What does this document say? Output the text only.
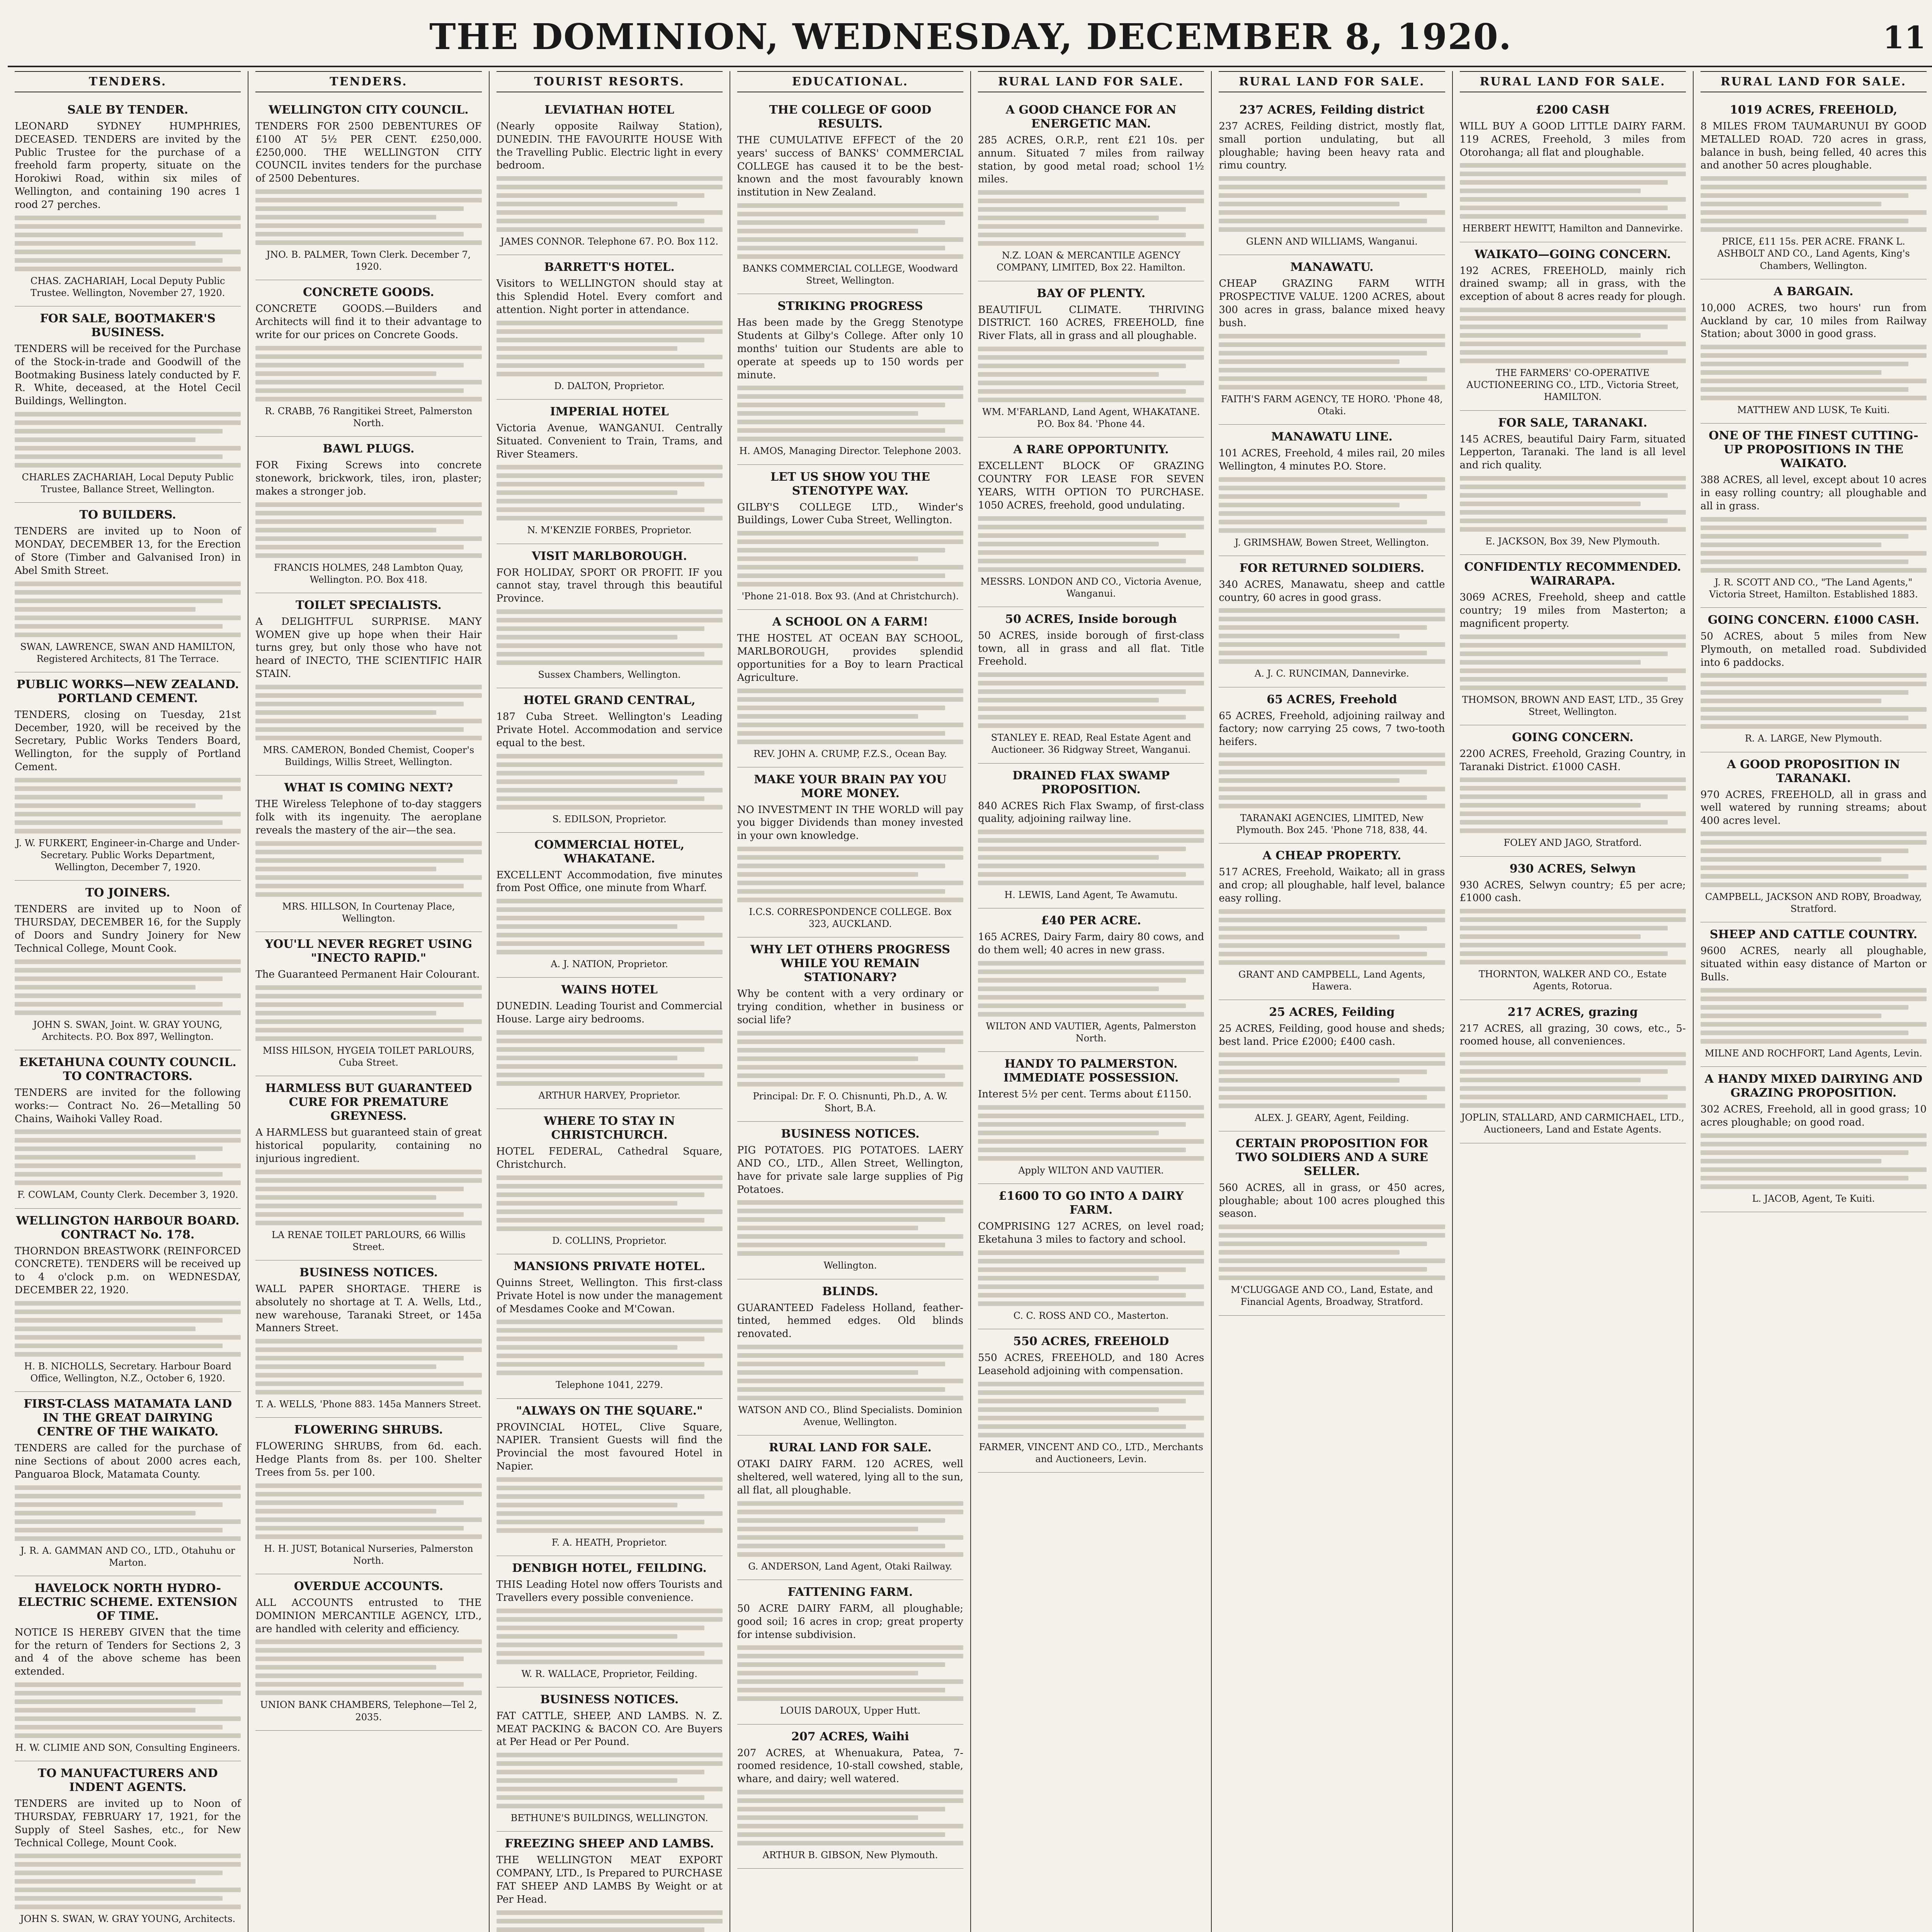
THE DOMINION, WEDNESDAY, DECEMBER 8, 1920.	11
TENDERS.
SALE BY TENDER.

LEONARD SYDNEY HUMPHRIES, DECEASED. TENDERS are invited by the Public Trustee for the purchase of a freehold farm property, situate on the Horokiwi Road, within six miles of Wellington, and containing 190 acres 1 rood 27 perches.

CHAS. ZACHARIAH, Local Deputy Public Trustee. Wellington, November 27, 1920.
FOR SALE, BOOTMAKER'S BUSINESS.

TENDERS will be received for the Purchase of the Stock-in-trade and Goodwill of the Bootmaking Business lately conducted by F. R. White, deceased, at the Hotel Cecil Buildings, Wellington.

CHARLES ZACHARIAH, Local Deputy Public Trustee, Ballance Street, Wellington.
TO BUILDERS.

TENDERS are invited up to Noon of MONDAY, DECEMBER 13, for the Erection of Store (Timber and Galvanised Iron) in Abel Smith Street.

SWAN, LAWRENCE, SWAN AND HAMILTON, Registered Architects, 81 The Terrace.
PUBLIC WORKS—NEW ZEALAND. PORTLAND CEMENT.

TENDERS, closing on Tuesday, 21st December, 1920, will be received by the Secretary, Public Works Tenders Board, Wellington, for the supply of Portland Cement.

J. W. FURKERT, Engineer-in-Charge and Under-Secretary. Public Works Department, Wellington, December 7, 1920.
TO JOINERS.

TENDERS are invited up to Noon of THURSDAY, DECEMBER 16, for the Supply of Doors and Sundry Joinery for New Technical College, Mount Cook.

JOHN S. SWAN, Joint. W. GRAY YOUNG, Architects. P.O. Box 897, Wellington.
EKETAHUNA COUNTY COUNCIL. TO CONTRACTORS.

TENDERS are invited for the following works:— Contract No. 26—Metalling 50 Chains, Waihoki Valley Road.

F. COWLAM, County Clerk. December 3, 1920.
WELLINGTON HARBOUR BOARD. CONTRACT No. 178.

THORNDON BREASTWORK (REINFORCED CONCRETE). TENDERS will be received up to 4 o'clock p.m. on WEDNESDAY, DECEMBER 22, 1920.

H. B. NICHOLLS, Secretary. Harbour Board Office, Wellington, N.Z., October 6, 1920.
FIRST-CLASS MATAMATA LAND IN THE GREAT DAIRYING CENTRE OF THE WAIKATO.

TENDERS are called for the purchase of nine Sections of about 2000 acres each, Panguaroa Block, Matamata County.

J. R. A. GAMMAN AND CO., LTD., Otahuhu or Marton.
HAVELOCK NORTH HYDRO-ELECTRIC SCHEME. EXTENSION OF TIME.

NOTICE IS HEREBY GIVEN that the time for the return of Tenders for Sections 2, 3 and 4 of the above scheme has been extended.

H. W. CLIMIE AND SON, Consulting Engineers.
TO MANUFACTURERS AND INDENT AGENTS.

TENDERS are invited up to Noon of THURSDAY, FEBRUARY 17, 1921, for the Supply of Steel Sashes, etc., for New Technical College, Mount Cook.

JOHN S. SWAN, W. GRAY YOUNG, Architects.

TENDERS.
WELLINGTON CITY COUNCIL.

TENDERS FOR 2500 DEBENTURES OF £100 AT 5½ PER CENT. £250,000. £250,000. THE WELLINGTON CITY COUNCIL invites tenders for the purchase of 2500 Debentures.

JNO. B. PALMER, Town Clerk. December 7, 1920.
CONCRETE GOODS.

CONCRETE GOODS.—Builders and Architects will find it to their advantage to write for our prices on Concrete Goods.

R. CRABB, 76 Rangitikei Street, Palmerston North.
BAWL PLUGS.

FOR Fixing Screws into concrete stonework, brickwork, tiles, iron, plaster; makes a stronger job.

FRANCIS HOLMES, 248 Lambton Quay, Wellington. P.O. Box 418.
TOILET SPECIALISTS.

A DELIGHTFUL SURPRISE. MANY WOMEN give up hope when their Hair turns grey, but only those who have not heard of INECTO, THE SCIENTIFIC HAIR STAIN.

MRS. CAMERON, Bonded Chemist, Cooper's Buildings, Willis Street, Wellington.
WHAT IS COMING NEXT?

THE Wireless Telephone of to-day staggers folk with its ingenuity. The aeroplane reveals the mastery of the air—the sea.

MRS. HILLSON, In Courtenay Place, Wellington.
YOU'LL NEVER REGRET USING "INECTO RAPID."

The Guaranteed Permanent Hair Colourant.

MISS HILSON, HYGEIA TOILET PARLOURS, Cuba Street.
HARMLESS BUT GUARANTEED CURE FOR PREMATURE GREYNESS.

A HARMLESS but guaranteed stain of great historical popularity, containing no injurious ingredient.

LA RENAE TOILET PARLOURS, 66 Willis Street.
BUSINESS NOTICES.

WALL PAPER SHORTAGE. THERE is absolutely no shortage at T. A. Wells, Ltd., new warehouse, Taranaki Street, or 145a Manners Street.

T. A. WELLS, 'Phone 883. 145a Manners Street.
FLOWERING SHRUBS.

FLOWERING SHRUBS, from 6d. each. Hedge Plants from 8s. per 100. Shelter Trees from 5s. per 100.

H. H. JUST, Botanical Nurseries, Palmerston North.
OVERDUE ACCOUNTS.

ALL ACCOUNTS entrusted to THE DOMINION MERCANTILE AGENCY, LTD., are handled with celerity and efficiency.

UNION BANK CHAMBERS, Telephone—Tel 2, 2035.
TOURIST RESORTS.
LEVIATHAN HOTEL

(Nearly opposite Railway Station), DUNEDIN. THE FAVOURITE HOUSE With the Travelling Public. Electric light in every bedroom.

JAMES CONNOR. Telephone 67. P.O. Box 112.
BARRETT'S HOTEL.

Visitors to WELLINGTON should stay at this Splendid Hotel. Every comfort and attention. Night porter in attendance.

D. DALTON, Proprietor.
IMPERIAL HOTEL

Victoria Avenue, WANGANUI. Centrally Situated. Convenient to Train, Trams, and River Steamers.

N. M'KENZIE FORBES, Proprietor.
VISIT MARLBOROUGH.

FOR HOLIDAY, SPORT OR PROFIT. IF you cannot stay, travel through this beautiful Province.

Sussex Chambers, Wellington.
HOTEL GRAND CENTRAL,

187 Cuba Street. Wellington's Leading Private Hotel. Accommodation and service equal to the best.

S. EDILSON, Proprietor.
COMMERCIAL HOTEL, WHAKATANE.

EXCELLENT Accommodation, five minutes from Post Office, one minute from Wharf.

A. J. NATION, Proprietor.
WAINS HOTEL

DUNEDIN. Leading Tourist and Commercial House. Large airy bedrooms.

ARTHUR HARVEY, Proprietor.
WHERE TO STAY IN CHRISTCHURCH.

HOTEL FEDERAL, Cathedral Square, Christchurch.

D. COLLINS, Proprietor.
MANSIONS PRIVATE HOTEL.

Quinns Street, Wellington. This first-class Private Hotel is now under the management of Mesdames Cooke and M'Cowan.

Telephone 1041, 2279.
"ALWAYS ON THE SQUARE."

PROVINCIAL HOTEL, Clive Square, NAPIER. Transient Guests will find the Provincial the most favoured Hotel in Napier.

F. A. HEATH, Proprietor.
DENBIGH HOTEL, FEILDING.

THIS Leading Hotel now offers Tourists and Travellers every possible convenience.

W. R. WALLACE, Proprietor, Feilding.
BUSINESS NOTICES.

FAT CATTLE, SHEEP, AND LAMBS. N. Z. MEAT PACKING & BACON CO. Are Buyers at Per Head or Per Pound.

BETHUNE'S BUILDINGS, WELLINGTON.
FREEZING SHEEP AND LAMBS.

THE WELLINGTON MEAT EXPORT COMPANY, LTD., Is Prepared to PURCHASE FAT SHEEP AND LAMBS By Weight or at Per Head.

EDUCATIONAL.
THE COLLEGE OF GOOD RESULTS.

THE CUMULATIVE EFFECT of the 20 years' success of BANKS' COMMERCIAL COLLEGE has caused it to be the best-known and the most favourably known institution in New Zealand.

BANKS COMMERCIAL COLLEGE, Woodward Street, Wellington.
STRIKING PROGRESS

Has been made by the Gregg Stenotype Students at Gilby's College. After only 10 months' tuition our Students are able to operate at speeds up to 150 words per minute.

H. AMOS, Managing Director. Telephone 2003.
LET US SHOW YOU THE STENOTYPE WAY.

GILBY'S COLLEGE LTD., Winder's Buildings, Lower Cuba Street, Wellington.

'Phone 21-018. Box 93. (And at Christchurch).
A SCHOOL ON A FARM!

THE HOSTEL AT OCEAN BAY SCHOOL, MARLBOROUGH, provides splendid opportunities for a Boy to learn Practical Agriculture.

REV. JOHN A. CRUMP, F.Z.S., Ocean Bay.
MAKE YOUR BRAIN PAY YOU MORE MONEY.

NO INVESTMENT IN THE WORLD will pay you bigger Dividends than money invested in your own knowledge.

I.C.S. CORRESPONDENCE COLLEGE. Box 323, AUCKLAND.
WHY LET OTHERS PROGRESS WHILE YOU REMAIN STATIONARY?

Why be content with a very ordinary or trying condition, whether in business or social life?

Principal: Dr. F. O. Chisnunti, Ph.D., A. W. Short, B.A.
BUSINESS NOTICES.

PIG POTATOES. PIG POTATOES. LAERY AND CO., LTD., Allen Street, Wellington, have for private sale large supplies of Pig Potatoes.

Wellington.
BLINDS.

GUARANTEED Fadeless Holland, feather-tinted, hemmed edges. Old blinds renovated.

WATSON AND CO., Blind Specialists. Dominion Avenue, Wellington.
RURAL LAND FOR SALE.

OTAKI DAIRY FARM. 120 ACRES, well sheltered, well watered, lying all to the sun, all flat, all ploughable.

G. ANDERSON, Land Agent, Otaki Railway.
FATTENING FARM.

50 ACRE DAIRY FARM, all ploughable; good soil; 16 acres in crop; great property for intense subdivision.

LOUIS DAROUX, Upper Hutt.
207 ACRES, Waihi

207 ACRES, at Whenuakura, Patea, 7-roomed residence, 10-stall cowshed, stable, whare, and dairy; well watered.

ARTHUR B. GIBSON, New Plymouth.
RURAL LAND FOR SALE.
A GOOD CHANCE FOR AN ENERGETIC MAN.

285 ACRES, O.R.P., rent £21 10s. per annum. Situated 7 miles from railway station, by good metal road; school 1½ miles.

N.Z. LOAN & MERCANTILE AGENCY COMPANY, LIMITED, Box 22. Hamilton.
BAY OF PLENTY.

BEAUTIFUL CLIMATE. THRIVING DISTRICT. 160 ACRES, FREEHOLD, fine River Flats, all in grass and all ploughable.

WM. M'FARLAND, Land Agent, WHAKATANE. P.O. Box 84. 'Phone 44.
A RARE OPPORTUNITY.

EXCELLENT BLOCK OF GRAZING COUNTRY FOR LEASE FOR SEVEN YEARS, WITH OPTION TO PURCHASE. 1050 ACRES, freehold, good undulating.

MESSRS. LONDON AND CO., Victoria Avenue, Wanganui.
50 ACRES, Inside borough

50 ACRES, inside borough of first-class town, all in grass and all flat. Title Freehold.

STANLEY E. READ, Real Estate Agent and Auctioneer. 36 Ridgway Street, Wanganui.
DRAINED FLAX SWAMP PROPOSITION.

840 ACRES Rich Flax Swamp, of first-class quality, adjoining railway line.

H. LEWIS, Land Agent, Te Awamutu.
£40 PER ACRE.

165 ACRES, Dairy Farm, dairy 80 cows, and do them well; 40 acres in new grass.

WILTON AND VAUTIER, Agents, Palmerston North.
HANDY TO PALMERSTON. IMMEDIATE POSSESSION.

Interest 5½ per cent. Terms about £1150.

Apply WILTON AND VAUTIER.
£1600 TO GO INTO A DAIRY FARM.

COMPRISING 127 ACRES, on level road; Eketahuna 3 miles to factory and school.

C. C. ROSS AND CO., Masterton.
550 ACRES, FREEHOLD

550 ACRES, FREEHOLD, and 180 Acres Leasehold adjoining with compensation.

FARMER, VINCENT AND CO., LTD., Merchants and Auctioneers, Levin.
RURAL LAND FOR SALE.
237 ACRES, Feilding district

237 ACRES, Feilding district, mostly flat, small portion undulating, but all ploughable; having been heavy rata and rimu country.

GLENN AND WILLIAMS, Wanganui.
MANAWATU.

CHEAP GRAZING FARM WITH PROSPECTIVE VALUE. 1200 ACRES, about 300 acres in grass, balance mixed heavy bush.

FAITH'S FARM AGENCY, TE HORO. 'Phone 48, Otaki.
MANAWATU LINE.

101 ACRES, Freehold, 4 miles rail, 20 miles Wellington, 4 minutes P.O. Store.

J. GRIMSHAW, Bowen Street, Wellington.
FOR RETURNED SOLDIERS.

340 ACRES, Manawatu, sheep and cattle country, 60 acres in good grass.

A. J. C. RUNCIMAN, Dannevirke.
65 ACRES, Freehold

65 ACRES, Freehold, adjoining railway and factory; now carrying 25 cows, 7 two-tooth heifers.

TARANAKI AGENCIES, LIMITED, New Plymouth. Box 245. 'Phone 718, 838, 44.
A CHEAP PROPERTY.

517 ACRES, Freehold, Waikato; all in grass and crop; all ploughable, half level, balance easy rolling.

GRANT AND CAMPBELL, Land Agents, Hawera.
25 ACRES, Feilding

25 ACRES, Feilding, good house and sheds; best land. Price £2000; £400 cash.

ALEX. J. GEARY, Agent, Feilding.
CERTAIN PROPOSITION FOR TWO SOLDIERS AND A SURE SELLER.

560 ACRES, all in grass, or 450 acres, ploughable; about 100 acres ploughed this season.

M'CLUGGAGE AND CO., Land, Estate, and Financial Agents, Broadway, Stratford.
RURAL LAND FOR SALE.
£200 CASH

WILL BUY A GOOD LITTLE DAIRY FARM. 119 ACRES, Freehold, 3 miles from Otorohanga; all flat and ploughable.

HERBERT HEWITT, Hamilton and Dannevirke.
WAIKATO—GOING CONCERN.

192 ACRES, FREEHOLD, mainly rich drained swamp; all in grass, with the exception of about 8 acres ready for plough.

THE FARMERS' CO-OPERATIVE AUCTIONEERING CO., LTD., Victoria Street, HAMILTON.
FOR SALE, TARANAKI.

145 ACRES, beautiful Dairy Farm, situated Lepperton, Taranaki. The land is all level and rich quality.

E. JACKSON, Box 39, New Plymouth.
CONFIDENTLY RECOMMENDED. WAIRARAPA.

3069 ACRES, Freehold, sheep and cattle country; 19 miles from Masterton; a magnificent property.

THOMSON, BROWN AND EAST, LTD., 35 Grey Street, Wellington.
GOING CONCERN.

2200 ACRES, Freehold, Grazing Country, in Taranaki District. £1000 CASH.

FOLEY AND JAGO, Stratford.
930 ACRES, Selwyn

930 ACRES, Selwyn country; £5 per acre; £1000 cash.

THORNTON, WALKER AND CO., Estate Agents, Rotorua.
217 ACRES, grazing

217 ACRES, all grazing, 30 cows, etc., 5-roomed house, all conveniences.

JOPLIN, STALLARD, AND CARMICHAEL, LTD., Auctioneers, Land and Estate Agents.
RURAL LAND FOR SALE.
1019 ACRES, FREEHOLD,

8 MILES FROM TAUMARUNUI BY GOOD METALLED ROAD. 720 acres in grass, balance in bush, being felled, 40 acres this and another 50 acres ploughable.

PRICE, £11 15s. PER ACRE. FRANK L. ASHBOLT AND CO., Land Agents, King's Chambers, Wellington.
A BARGAIN.

10,000 ACRES, two hours' run from Auckland by car, 10 miles from Railway Station; about 3000 in good grass.

MATTHEW AND LUSK, Te Kuiti.
ONE OF THE FINEST CUTTING-UP PROPOSITIONS IN THE WAIKATO.

388 ACRES, all level, except about 10 acres in easy rolling country; all ploughable and all in grass.

J. R. SCOTT AND CO., "The Land Agents," Victoria Street, Hamilton. Established 1883.
GOING CONCERN. £1000 CASH.

50 ACRES, about 5 miles from New Plymouth, on metalled road. Subdivided into 6 paddocks.

R. A. LARGE, New Plymouth.
A GOOD PROPOSITION IN TARANAKI.

970 ACRES, FREEHOLD, all in grass and well watered by running streams; about 400 acres level.

CAMPBELL, JACKSON AND ROBY, Broadway, Stratford.
SHEEP AND CATTLE COUNTRY.

9600 ACRES, nearly all ploughable, situated within easy distance of Marton or Bulls.

MILNE AND ROCHFORT, Land Agents, Levin.
A HANDY MIXED DAIRYING AND GRAZING PROPOSITION.

302 ACRES, Freehold, all in good grass; 10 acres ploughable; on good road.

L. JACOB, Agent, Te Kuiti.
